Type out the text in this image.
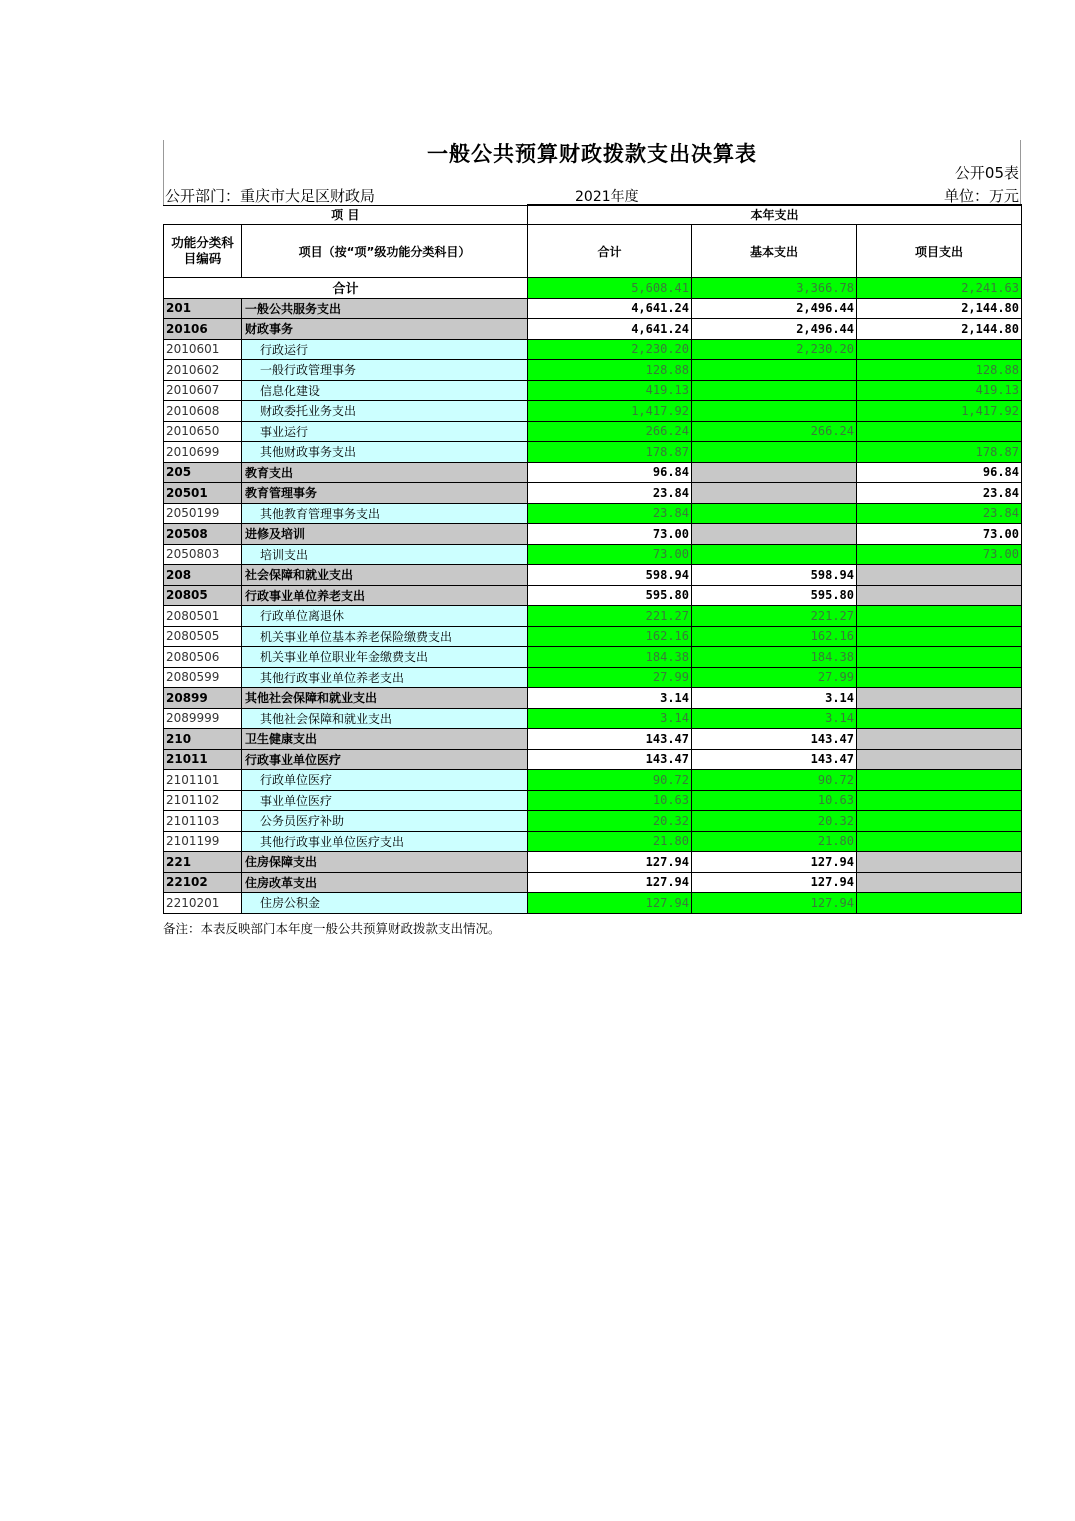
一般公共预算财政拨款支出决算表
公开05表
公开部门：重庆市大足区财政局	2021年度	单位：万元
项 目		本年支出		
功能分类科目编码	项目（按“项”级功能分类科目）	合计	基本支出	项目支出
合计		5,608.41	3,366.78	2,241.63
201	一般公共服务支出	4,641.24	2,496.44	2,144.80
20106	财政事务	4,641.24	2,496.44	2,144.80
2010601	行政运行	2,230.20	2,230.20	
2010602	一般行政管理事务	128.88		128.88
2010607	信息化建设	419.13		419.13
2010608	财政委托业务支出	1,417.92		1,417.92
2010650	事业运行	266.24	266.24	
2010699	其他财政事务支出	178.87		178.87
205	教育支出	96.84		96.84
20501	教育管理事务	23.84		23.84
2050199	其他教育管理事务支出	23.84		23.84
20508	进修及培训	73.00		73.00
2050803	培训支出	73.00		73.00
208	社会保障和就业支出	598.94	598.94	
20805	行政事业单位养老支出	595.80	595.80	
2080501	行政单位离退休	221.27	221.27	
2080505	机关事业单位基本养老保险缴费支出	162.16	162.16	
2080506	机关事业单位职业年金缴费支出	184.38	184.38	
2080599	其他行政事业单位养老支出	27.99	27.99	
20899	其他社会保障和就业支出	3.14	3.14	
2089999	其他社会保障和就业支出	3.14	3.14	
210	卫生健康支出	143.47	143.47	
21011	行政事业单位医疗	143.47	143.47	
2101101	行政单位医疗	90.72	90.72	
2101102	事业单位医疗	10.63	10.63	
2101103	公务员医疗补助	20.32	20.32	
2101199	其他行政事业单位医疗支出	21.80	21.80	
221	住房保障支出	127.94	127.94	
22102	住房改革支出	127.94	127.94	
2210201	住房公积金	127.94	127.94	
备注：本表反映部门本年度一般公共预算财政拨款支出情况。
